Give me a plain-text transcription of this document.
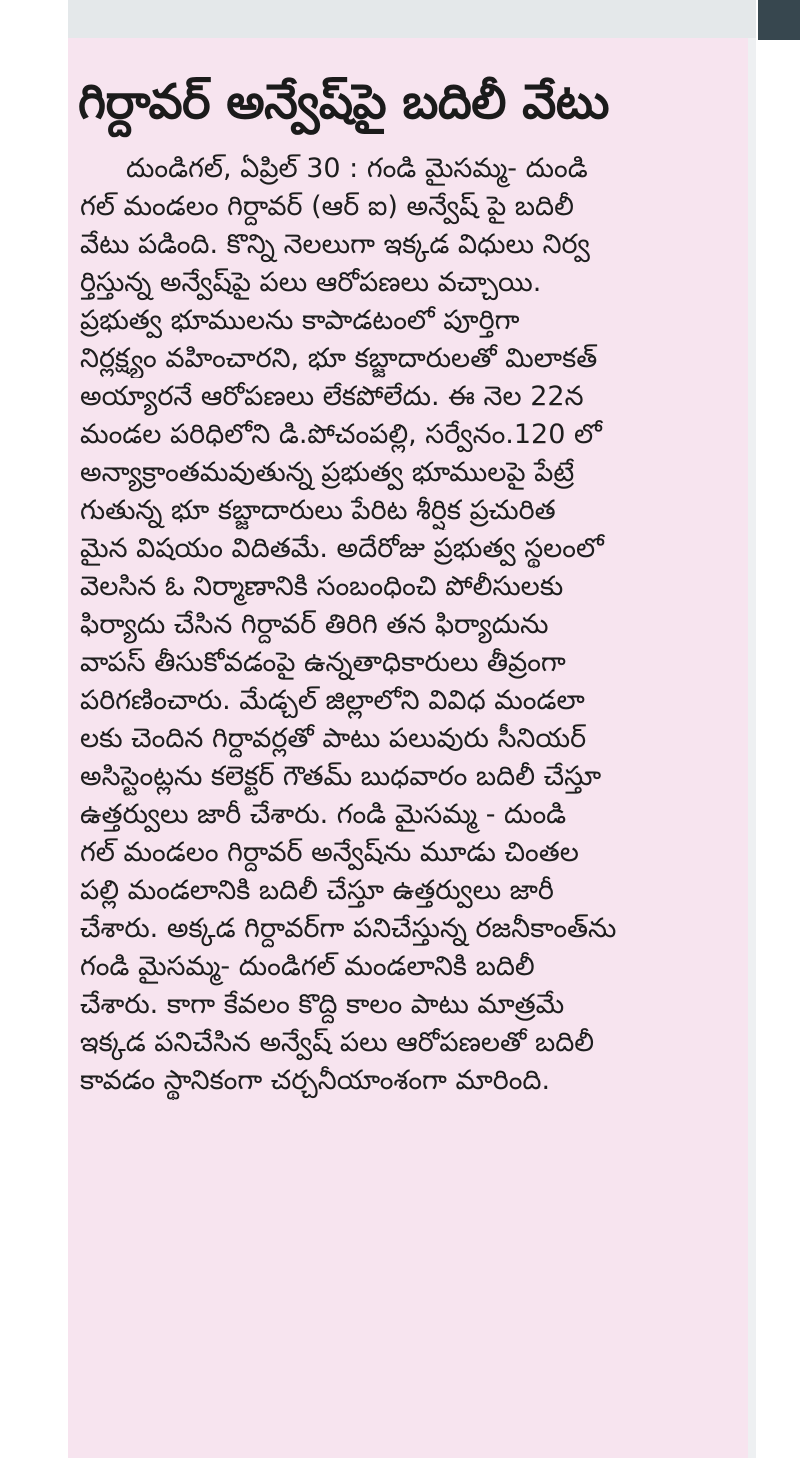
గిర్దావర్ అన్వేష్‌పై బదిలీ వేటు
దుండిగల్, ఏప్రిల్ 30 : గండి మైసమ్మ- దుండి
గల్ మండలం గిర్దావర్ (ఆర్ ఐ) అన్వేష్ పై బదిలీ
వేటు పడింది. కొన్ని నెలలుగా ఇక్కడ విధులు నిర్వ
ర్తిస్తున్న అన్వేష్‌పై పలు ఆరోపణలు వచ్చాయి.
ప్రభుత్వ భూములను కాపాడటంలో పూర్తిగా
నిర్లక్ష్యం వహించారని, భూ కబ్జాదారులతో మిలాకత్
అయ్యారనే ఆరోపణలు లేకపోలేదు. ఈ నెల 22న
మండల పరిధిలోని డి.పోచంపల్లి, సర్వేనం.120 లో
అన్యాక్రాంతమవుతున్న ప్రభుత్వ భూములపై పేట్రే
గుతున్న భూ కబ్జాదారులు పేరిట శీర్షిక ప్రచురిత
మైన విషయం విదితమే. అదేరోజు ప్రభుత్వ స్థలంలో
వెలసిన ఓ నిర్మాణానికి సంబంధించి పోలీసులకు
ఫిర్యాదు చేసిన గిర్దావర్ తిరిగి తన ఫిర్యాదును
వాపస్ తీసుకోవడంపై ఉన్నతాధికారులు తీవ్రంగా
పరిగణించారు. మేడ్చల్ జిల్లాలోని వివిధ మండలా
లకు చెందిన గిర్దావర్లతో పాటు పలువురు సీనియర్
అసిస్టెంట్లను కలెక్టర్ గౌతమ్ బుధవారం బదిలీ చేస్తూ
ఉత్తర్వులు జారీ చేశారు. గండి మైసమ్మ - దుండి
గల్ మండలం గిర్దావర్ అన్వేష్‌ను మూడు చింతల
పల్లి మండలానికి బదిలీ చేస్తూ ఉత్తర్వులు జారీ
చేశారు. అక్కడ గిర్దావర్‌గా పనిచేస్తున్న రజనీకాంత్‌ను
గండి మైసమ్మ- దుండిగల్ మండలానికి బదిలీ
చేశారు. కాగా కేవలం కొద్ది కాలం పాటు మాత్రమే
ఇక్కడ పనిచేసిన అన్వేష్ పలు ఆరోపణలతో బదిలీ
కావడం స్థానికంగా చర్చనీయాంశంగా మారింది.
